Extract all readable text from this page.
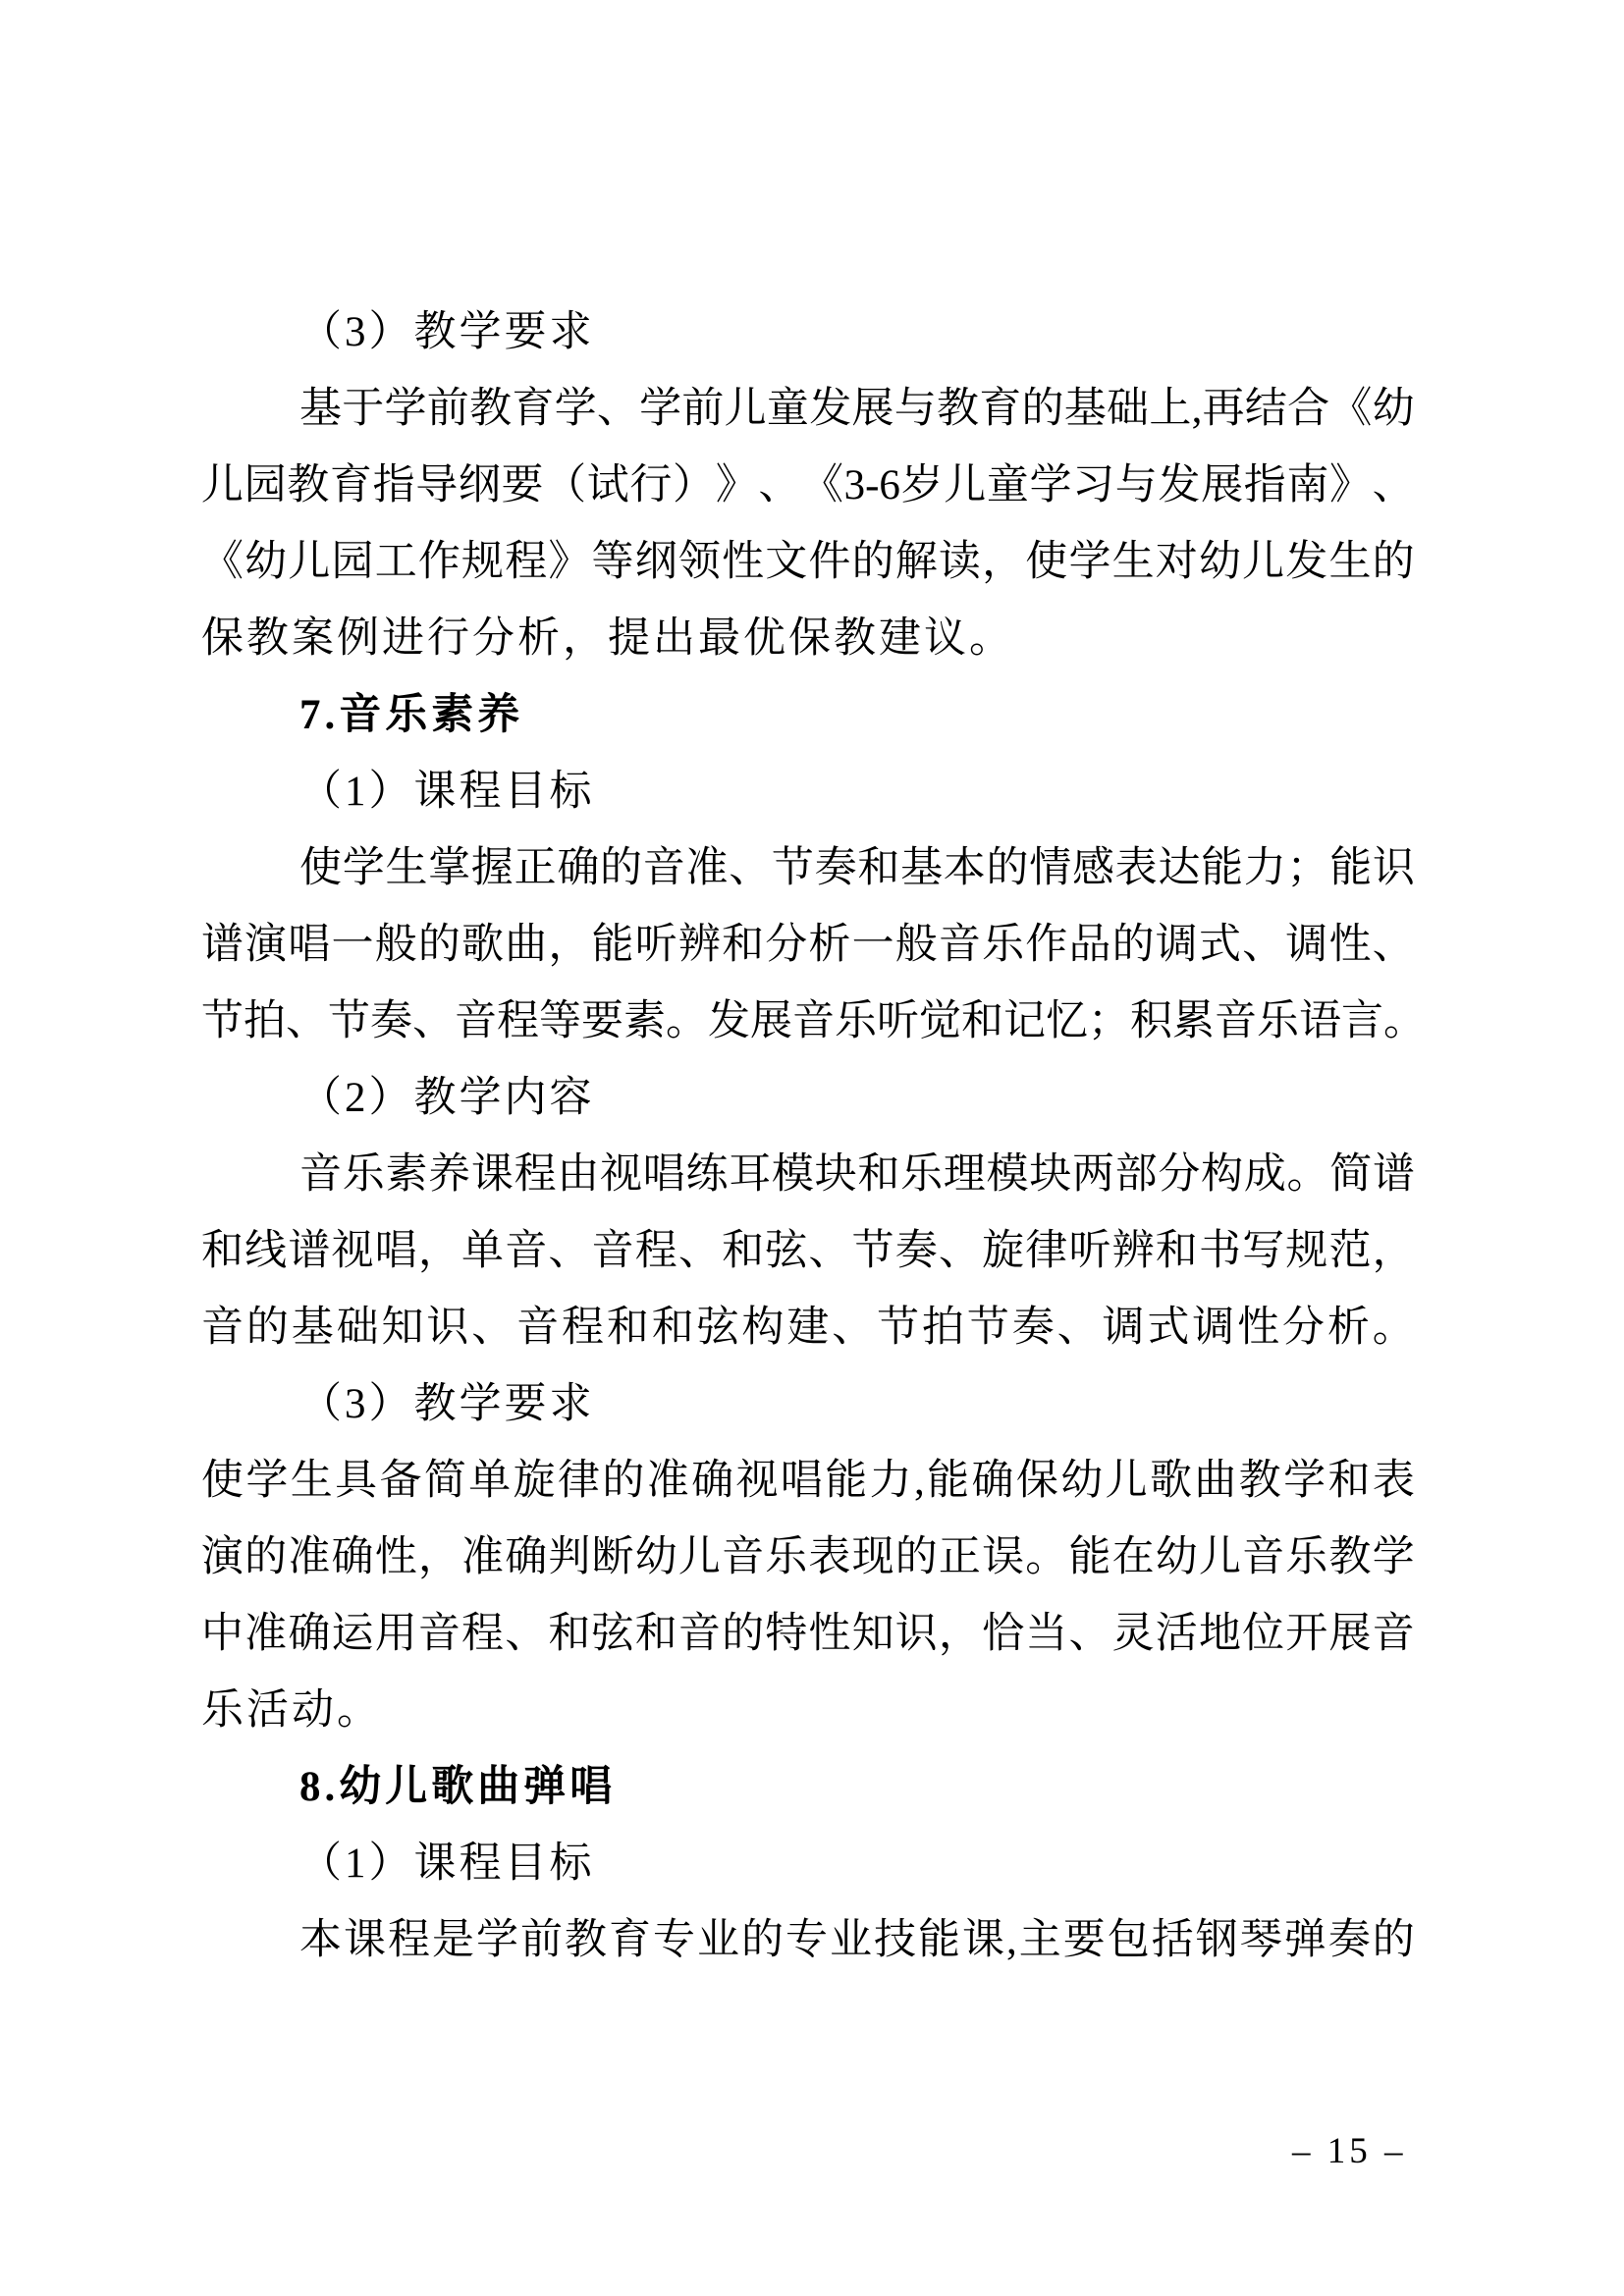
（3）教学要求
基 于 学 前 教 育 学 、 学 前 儿 童 发 展 与 教 育 的 基 础 上 , 再 结 合 《 幼
儿 园 教 育 指 导 纲 要 （ 试 行 ） 》 、 《 3-6 岁 儿 童 学 习 与 发 展 指 南 》 、
《 幼 儿 园 工 作 规 程 》 等 纲 领 性 文 件 的 解 读 ， 使 学 生 对 幼 儿 发 生 的
保教案例进行分析，提出最优保教建议。
7.音乐素养
（1）课程目标
使 学 生 掌 握 正 确 的 音 准 、 节 奏 和 基 本 的 情 感 表 达 能 力 ； 能 识
谱 演 唱 一 般 的 歌 曲 ， 能 听 辨 和 分 析 一 般 音 乐 作 品 的 调 式 、 调 性 、
节 拍 、 节 奏 、 音 程 等 要 素 。 发 展 音 乐 听 觉 和 记 忆 ； 积 累 音 乐 语 言 。
（2）教学内容
音 乐 素 养 课 程 由 视 唱 练 耳 模 块 和 乐 理 模 块 两 部 分 构 成 。 简 谱
和 线 谱 视 唱 ， 单 音 、 音 程 、 和 弦 、 节 奏 、 旋 律 听 辨 和 书 写 规 范 ，
音 的 基 础 知 识 、 音 程 和 和 弦 构 建 、 节 拍 节 奏 、 调 式 调 性 分 析 。
（3）教学要求
使 学 生 具 备 简 单 旋 律 的 准 确 视 唱 能 力 , 能 确 保 幼 儿 歌 曲 教 学 和 表
演 的 准 确 性 ， 准 确 判 断 幼 儿 音 乐 表 现 的 正 误 。 能 在 幼 儿 音 乐 教 学
中 准 确 运 用 音 程 、 和 弦 和 音 的 特 性 知 识 ， 恰 当 、 灵 活 地 位 开 展 音
乐活动。
8.幼儿歌曲弹唱
（1）课程目标
本 课 程 是 学 前 教 育 专 业 的 专 业 技 能 课 , 主 要 包 括 钢 琴 弹 奏 的
– 15 –
